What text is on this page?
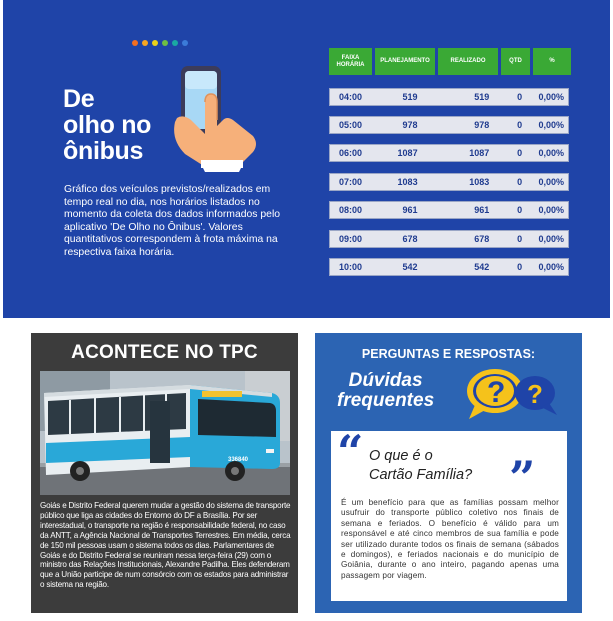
De
olho no
ônibus

Gráfico dos veículos previstos/realizados em tempo real no dia, nos horários listados no momento da coleta dos dados informados pelo aplicativo 'De Olho no Ônibus'. Valores quantitativos correspondem à frota máxima na respectiva faixa horária.

FAIXA
HORÁRIA
PLANEJAMENTO	REALIZADO	QTD	%
04:00	519	519	0	0,00%
05:00	978	978	0	0,00%
06:00	1087	1087	0	0,00%
07:00	1083	1083	0	0,00%
08:00	961	961	0	0,00%
09:00	678	678	0	0,00%
10:00	542	542	0	0,00%
ACONTECE NO TPC
336840

Goiás e Distrito Federal querem mudar a gestão do sistema de transporte público que liga as cidades do Entorno do DF a Brasília. Por ser interestadual, o transporte na região é responsabilidade federal, no caso da ANTT, a Agência Nacional de Transportes Terrestres. Em média, cerca de 150 mil pessoas usam o sistema todos os dias. Parlamentares de Goiás e do Distrito Federal se reuniram nessa terça-feira (29) com o ministro das Relações Institucionais, Alexandre Padilha. Eles defenderam que a União participe de num consórcio com os estados para administrar o sistema na região.

PERGUNTAS E RESPOSTAS:
Dúvidas
frequentes ? ?
“ O que é o
Cartão Família? ”

É um benefício para que as famílias possam melhor usufruir do transporte público coletivo nos finais de semana e feriados. O benefício é válido para um responsável e até cinco membros de sua família e pode ser utilizado durante todos os finais de semana (sábados e domingos), e feriados nacionais e do município de Goiânia, durante o ano inteiro, pagando apenas uma passagem por viagem.
